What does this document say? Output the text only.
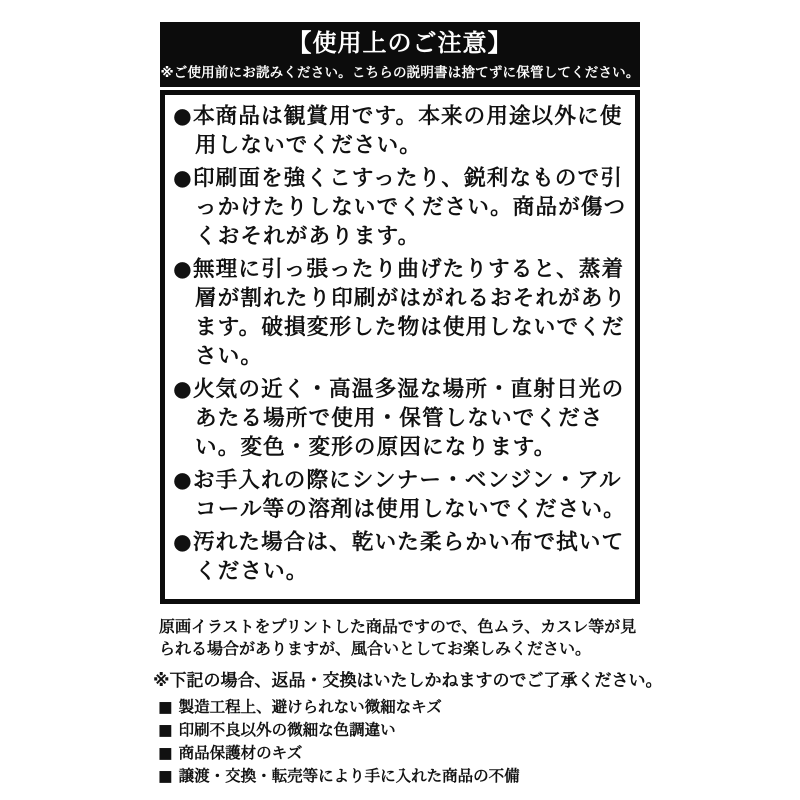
【使用上のご注意】
※ご使用前にお読みください。こちらの説明書は捨てずに保管してください。

●本商品は観賞用です。本来の用途以外に使用しないでください。

●印刷面を強くこすったり、鋭利なもので引っかけたりしないでください。商品が傷つくおそれがあります。

●無理に引っ張ったり曲げたりすると、蒸着層が割れたり印刷がはがれるおそれがあります。破損変形した物は使用しないでください。

●火気の近く・高温多湿な場所・直射日光のあたる場所で使用・保管しないでください。変色・変形の原因になります。

●お手入れの際にシンナー・ベンジン・アルコール等の溶剤は使用しないでください。

●汚れた場合は、乾いた柔らかい布で拭いてください。

原画イラストをプリントした商品ですので、色ムラ、カスレ等が見られる場合がありますが、風合いとしてお楽しみください。

※下記の場合、返品・交換はいたしかねますのでご了承ください。

■ 製造工程上、避けられない微細なキズ

■ 印刷不良以外の微細な色調違い

■ 商品保護材のキズ

■ 譲渡・交換・転売等により手に入れた商品の不備
